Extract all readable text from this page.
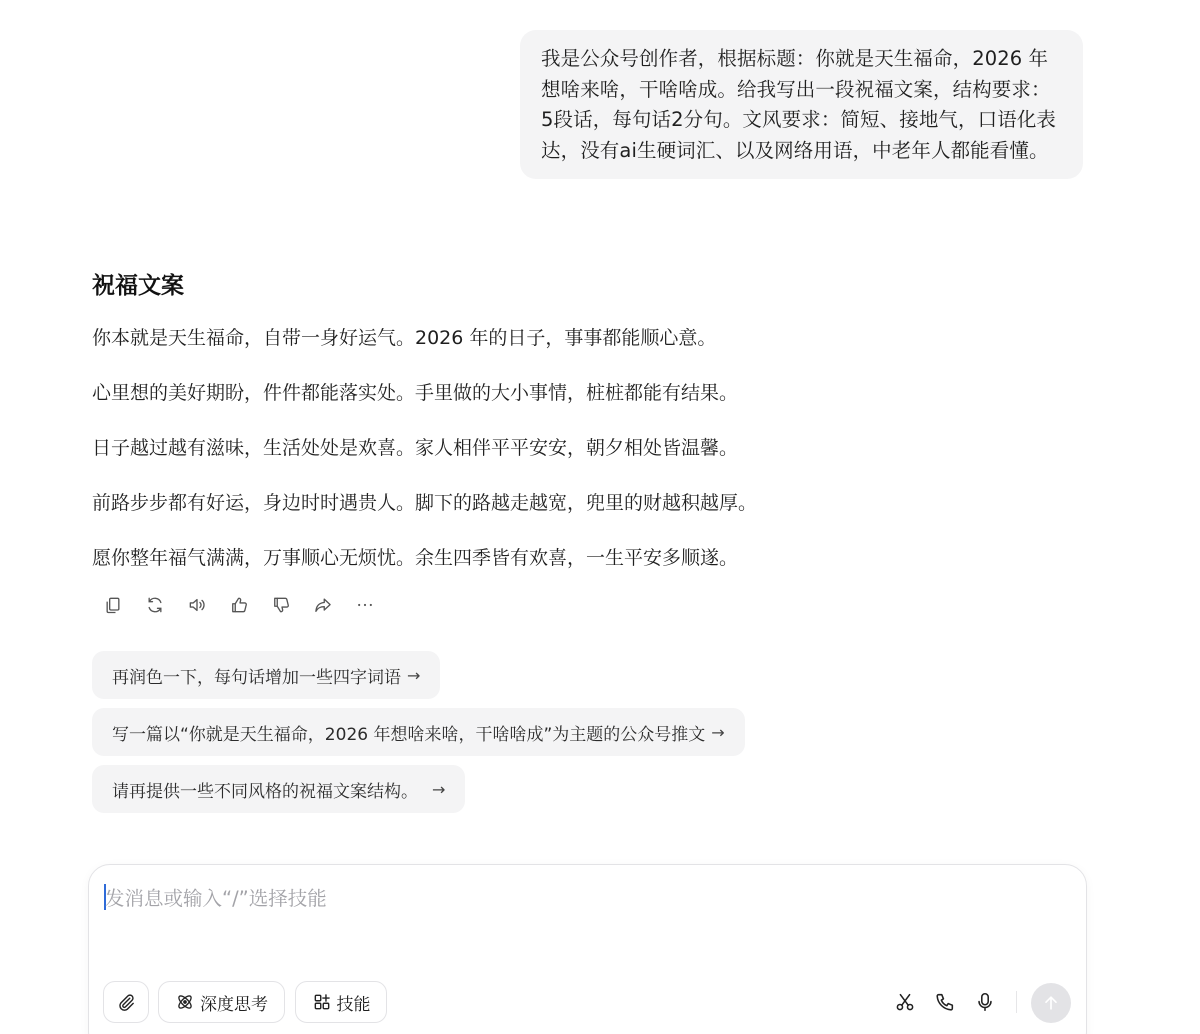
我是公众号创作者，根据标题：你就是天生福命，2026 年想啥来啥，干啥啥成。给我写出一段祝福文案，结构要求：5段话，每句话2分句。文风要求：简短、接地气，口语化表达，没有ai生硬词汇、以及网络用语，中老年人都能看懂。
祝福文案
你本就是天生福命，自带一身好运气。2026 年的日子，事事都能顺心意。
心里想的美好期盼，件件都能落实处。手里做的大小事情，桩桩都能有结果。
日子越过越有滋味，生活处处是欢喜。家人相伴平平安安，朝夕相处皆温馨。
前路步步都有好运，身边时时遇贵人。脚下的路越走越宽，兜里的财越积越厚。
愿你整年福气满满，万事顺心无烦忧。余生四季皆有欢喜，一生平安多顺遂。
再润色一下，每句话增加一些四字词语 →
写一篇以“你就是天生福命，2026 年想啥来啥，干啥啥成”为主题的公众号推文 →
请再提供一些不同风格的祝福文案结构。 →
发消息或输入“/”选择技能
深度思考	技能
